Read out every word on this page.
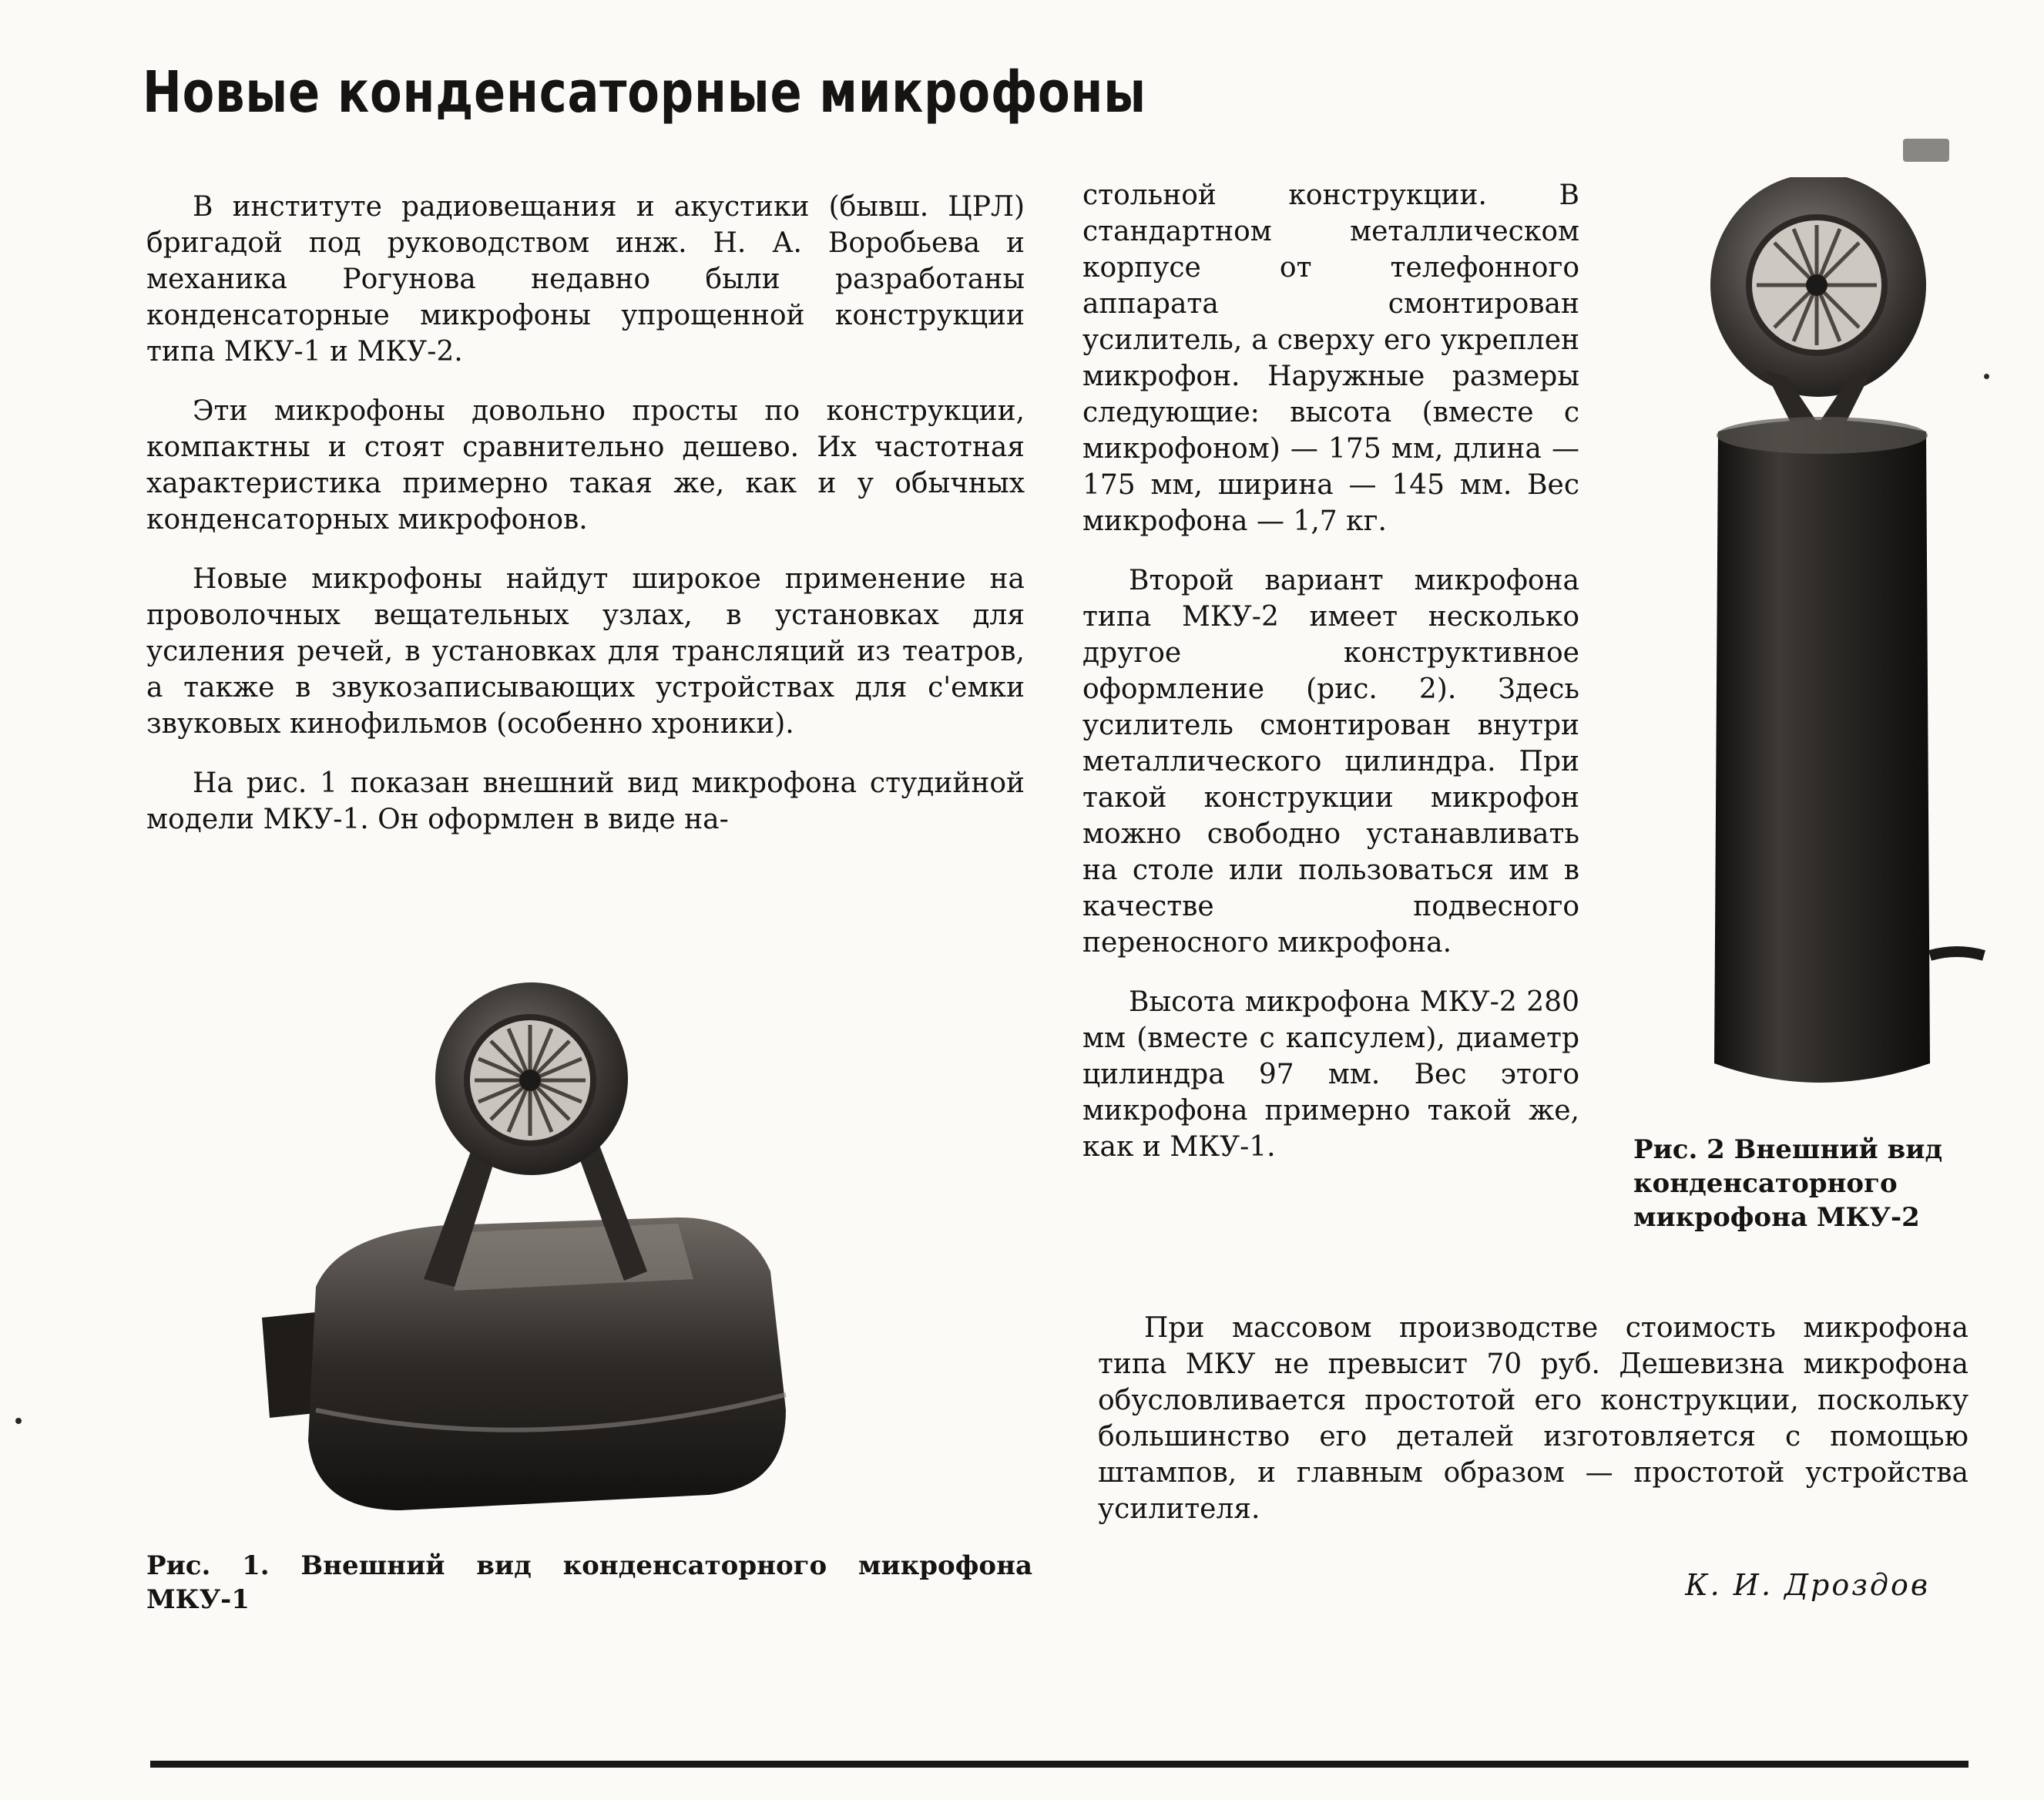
Новые конденсаторные микрофоны

В институте радиовещания и акустики (бывш. ЦРЛ) бригадой под руководством инж. Н. А. Воробьева и механика Рогунова недавно были разработаны конденсаторные микрофоны упрощенной конструкции типа МКУ-1 и МКУ-2.

Эти микрофоны довольно просты по конструкции, компактны и стоят сравнительно дешево. Их частотная характеристика примерно такая же, как и у обычных конденсаторных микрофонов.

Новые микрофоны найдут широкое применение на проволочных вещательных узлах, в установках для усиления речей, в установках для трансляций из театров, а также в звукозаписывающих устройствах для с'емки звуковых кинофильмов (особенно хроники).

На рис. 1 показан внешний вид микрофона студийной модели МКУ-1. Он оформлен в виде на-

стольной конструкции. В стандартном металлическом корпусе от телефонного аппарата смонтирован усилитель, а сверху его укреплен микрофон. Наружные размеры следующие: высота (вместе с микрофоном) — 175 мм, длина — 175 мм, ширина — 145 мм. Вес микрофона — 1,7 кг.

Второй вариант микрофона типа МКУ-2 имеет несколько другое конструктивное оформление (рис. 2). Здесь усилитель смонтирован внутри металлического цилиндра. При такой конструкции микрофон можно свободно устанавливать на столе или пользоваться им в качестве подвесного переносного микрофона.

Высота микрофона МКУ-2 280 мм (вместе с капсулем), диаметр цилиндра 97 мм. Вес этого микрофона примерно такой же, как и МКУ-1.

Рис. 1. Внешний вид конденсаторного микрофона МКУ-1

Рис. 2 Внешний вид конденсаторного микрофона МКУ-2

При массовом производстве стоимость микрофона типа МКУ не превысит 70 руб. Дешевизна микрофона обусловливается простотой его конструкции, поскольку большинство его деталей изготовляется с помощью штампов, и главным образом — простотой устройства усилителя.

К. И. Дроздов
